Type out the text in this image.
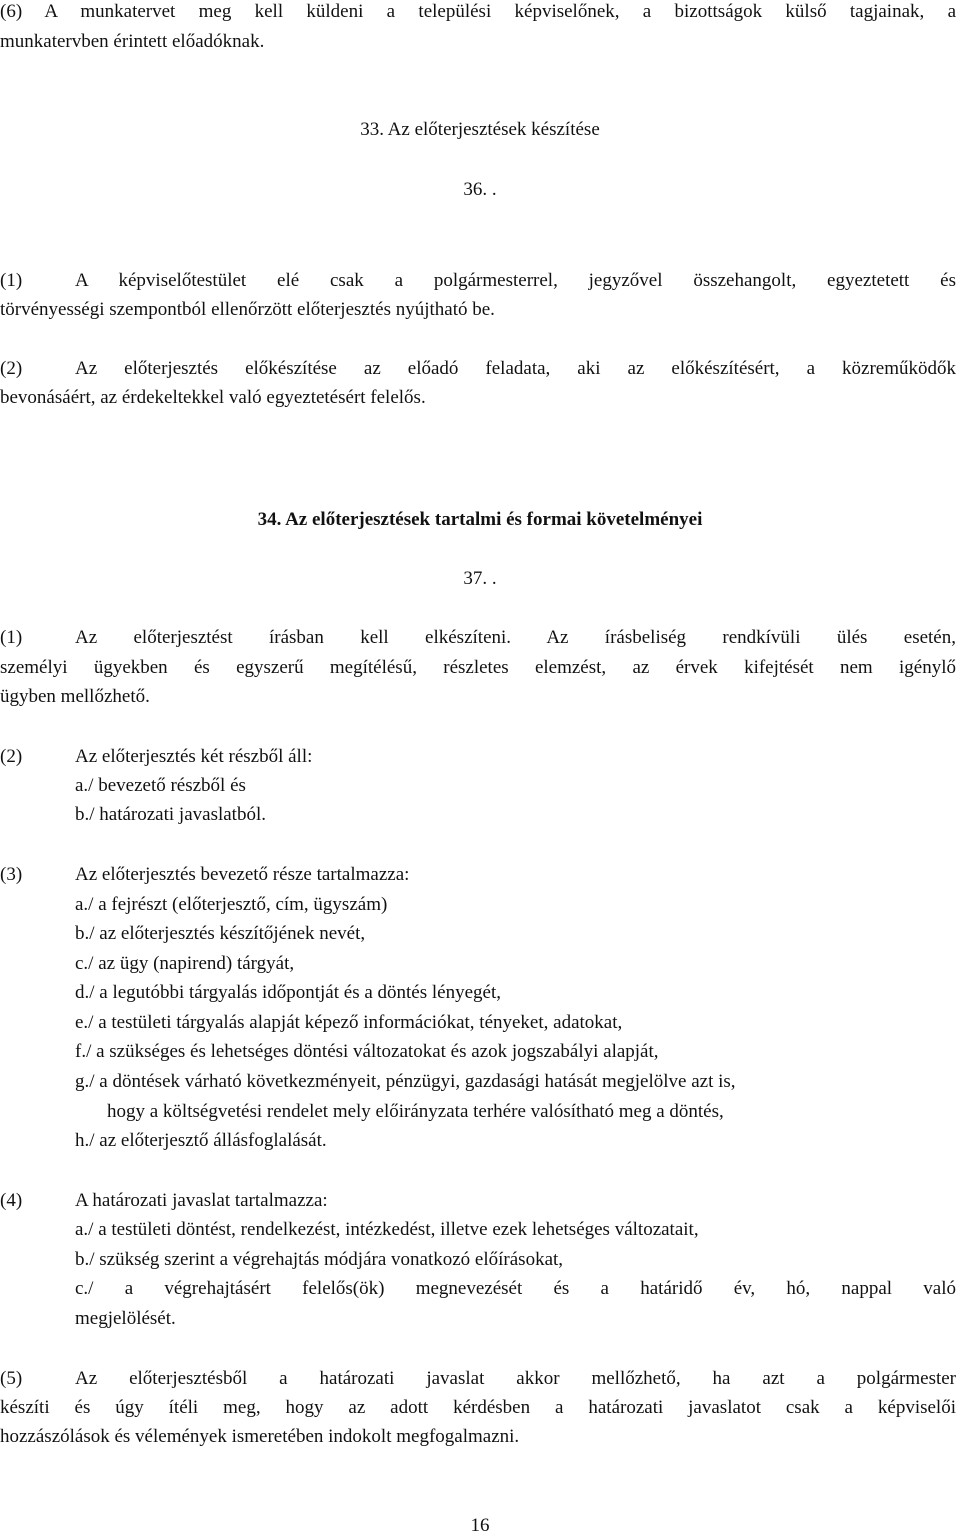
(6) A munkatervet meg kell küldeni a települési képviselőnek, a bizottságok külső tagjainak, a
munkatervben érintett előadóknak.
33. Az előterjesztések készítése
36. .
(1)	A képviselőtestület elé csak a polgármesterrel, jegyzővel összehangolt, egyeztetett és
törvényességi szempontból ellenőrzött előterjesztés nyújtható be.
(2)	Az előterjesztés előkészítése az előadó feladata, aki az előkészítésért, a közreműködők
bevonásáért, az érdekeltekkel való egyeztetésért felelős.
34. Az előterjesztések tartalmi és formai követelményei
37. .
(1)	Az előterjesztést írásban kell elkészíteni. Az írásbeliség rendkívüli ülés esetén,
személyi ügyekben és egyszerű megítélésű, részletes elemzést, az érvek kifejtését nem igénylő
ügyben mellőzhető.
(2)	Az előterjesztés két részből áll:
a./ bevezető részből és
b./ határozati javaslatból.
(3)	Az előterjesztés bevezető része tartalmazza:
a./ a fejrészt (előterjesztő, cím, ügyszám)
b./ az előterjesztés készítőjének nevét,
c./ az ügy (napirend) tárgyát,
d./ a legutóbbi tárgyalás időpontját és a döntés lényegét,
e./ a testületi tárgyalás alapját képező információkat, tényeket, adatokat,
f./ a szükséges és lehetséges döntési változatokat és azok jogszabályi alapját,
g./ a döntések várható következményeit, pénzügyi, gazdasági hatását megjelölve azt is,
hogy a költségvetési rendelet mely előirányzata terhére valósítható meg a döntés,
h./ az előterjesztő állásfoglalását.
(4)	A határozati javaslat tartalmazza:
a./ a testületi döntést, rendelkezést, intézkedést, illetve ezek lehetséges változatait,
b./ szükség szerint a végrehajtás módjára vonatkozó előírásokat,
c./ a végrehajtásért felelős(ök) megnevezését és a határidő év, hó, nappal való
megjelölését.
(5)	Az előterjesztésből a határozati javaslat akkor mellőzhető, ha azt a polgármester
készíti és úgy ítéli meg, hogy az adott kérdésben a határozati javaslatot csak a képviselői
hozzászólások és vélemények ismeretében indokolt megfogalmazni.
16
